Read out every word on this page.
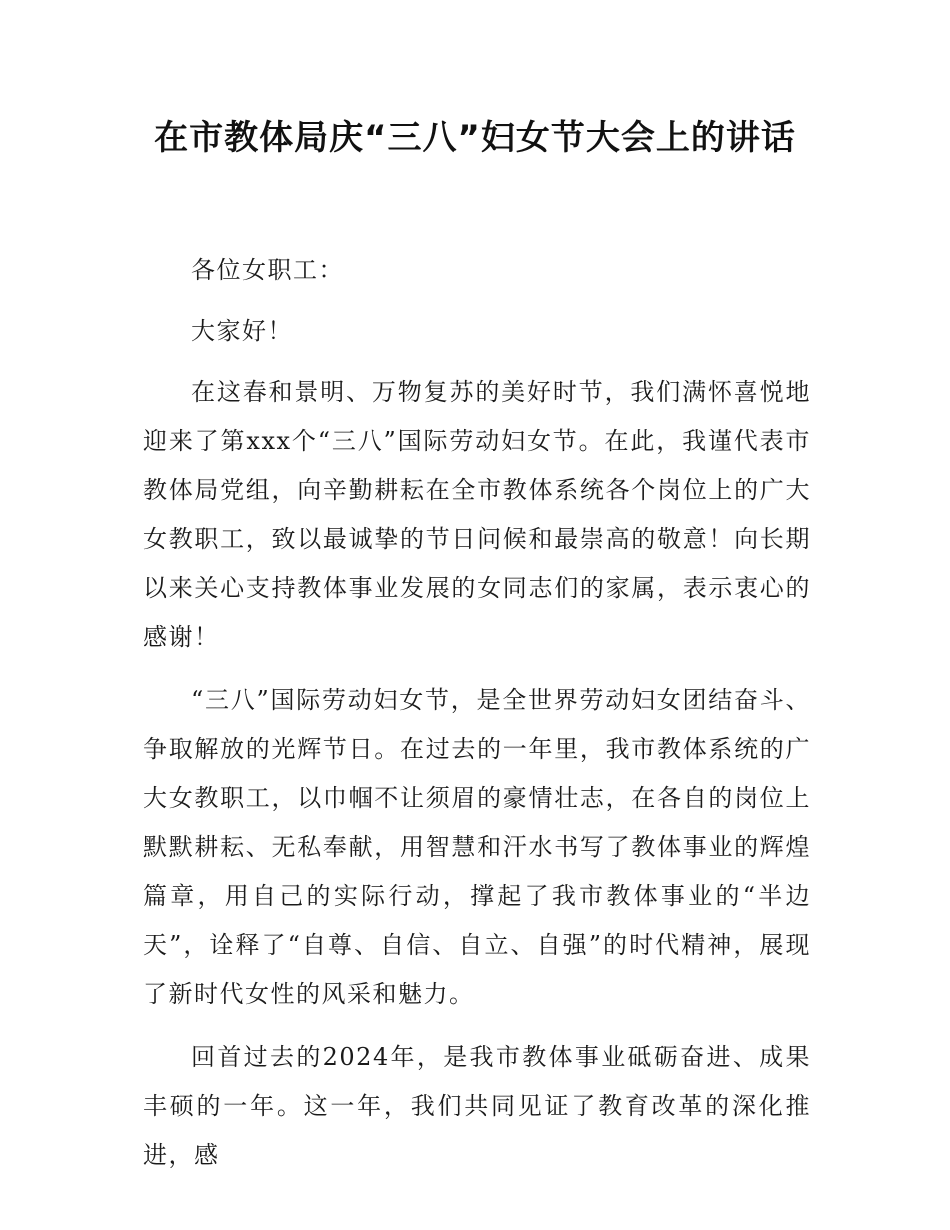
在市教体局庆“三八”妇女节大会上的讲话

各位女职工：

大家好！

在这春和景明、万物复苏的美好时节，我们满怀喜悦地迎来了第xxx个“三八”国际劳动妇女节。在此，我谨代表市教体局党组，向辛勤耕耘在全市教体系统各个岗位上的广大女教职工，致以最诚挚的节日问候和最崇高的敬意！向长期以来关心支持教体事业发展的女同志们的家属，表示衷心的感谢！

“三八”国际劳动妇女节，是全世界劳动妇女团结奋斗、争取解放的光辉节日。在过去的一年里，我市教体系统的广大女教职工，以巾帼不让须眉的豪情壮志，在各自的岗位上默默耕耘、无私奉献，用智慧和汗水书写了教体事业的辉煌篇章，用自己的实际行动，撑起了我市教体事业的“半边天”，诠释了“自尊、自信、自立、自强”的时代精神，展现了新时代女性的风采和魅力。

回首过去的2024年，是我市教体事业砥砺奋进、成果丰硕的一年。这一年，我们共同见证了教育改革的深化推进，感
